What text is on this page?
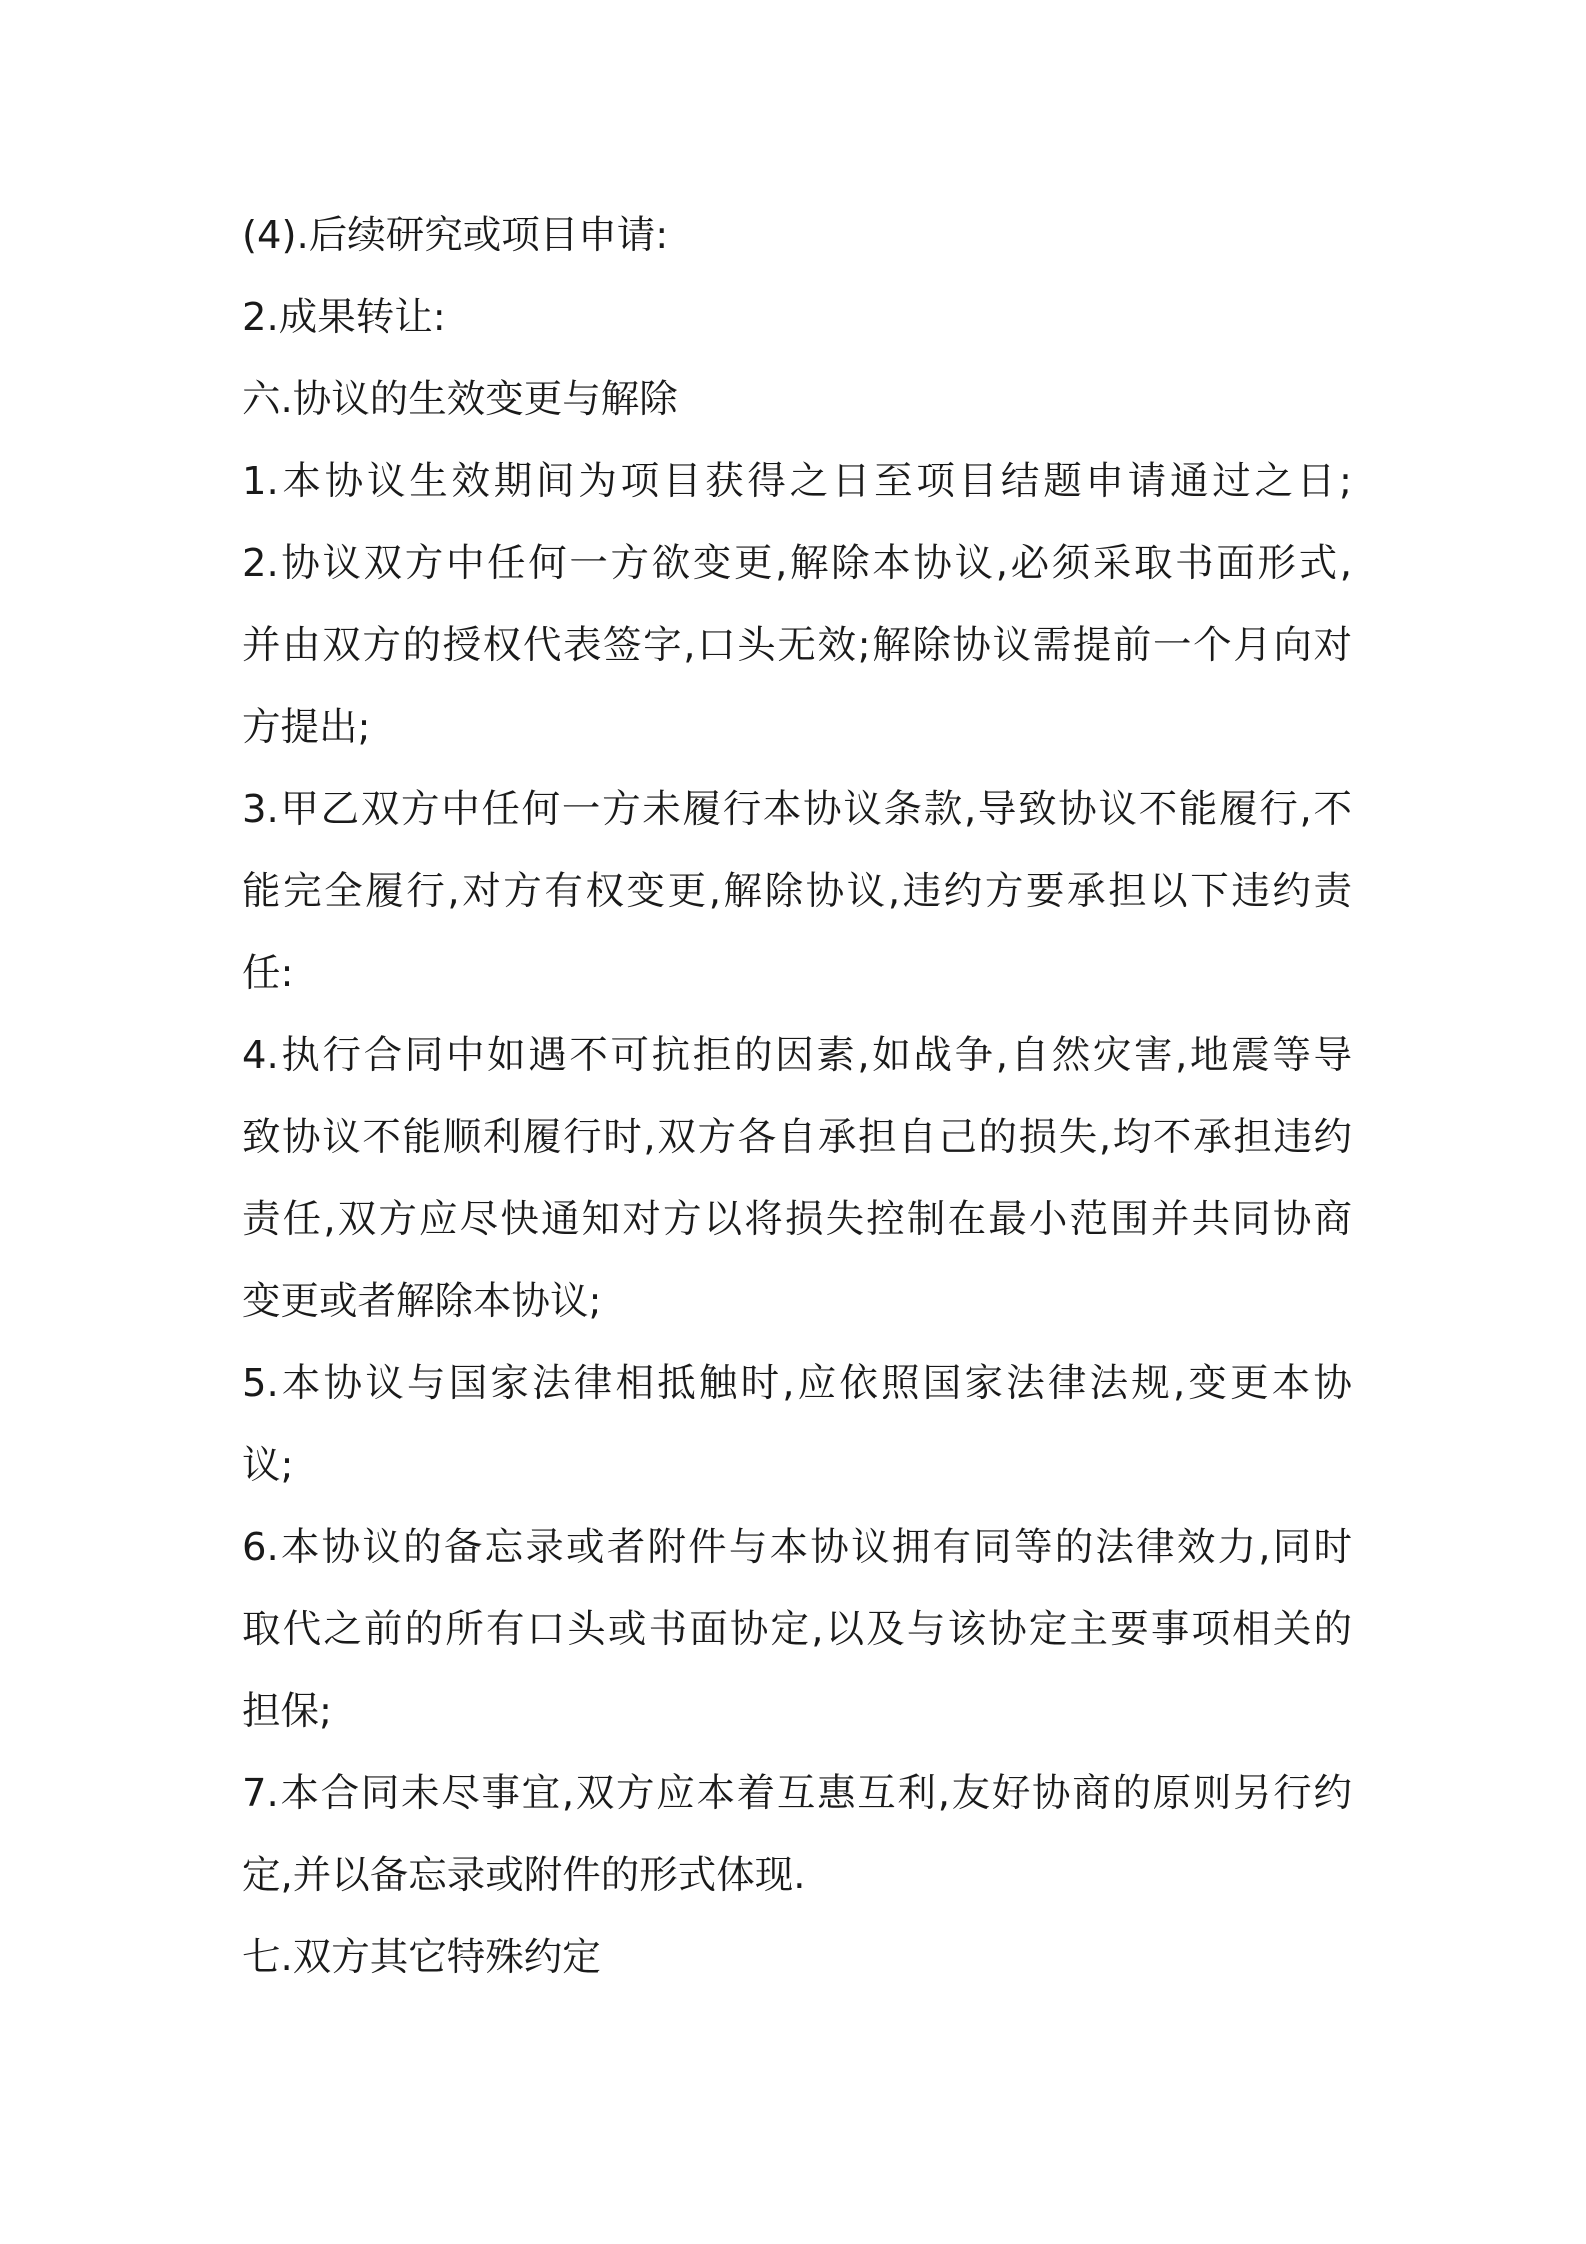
(4).后续研究或项目申请:
2.成果转让:
六.协议的生效变更与解除
1.本协议生效期间为项目获得之日至项目结题申请通过之日;
2.协议双方中任何一方欲变更,解除本协议,必须采取书面形式,
并由双方的授权代表签字,口头无效;解除协议需提前一个月向对
方提出;
3.甲乙双方中任何一方未履行本协议条款,导致协议不能履行,不
能完全履行,对方有权变更,解除协议,违约方要承担以下违约责
任:
4.执行合同中如遇不可抗拒的因素,如战争,自然灾害,地震等导
致协议不能顺利履行时,双方各自承担自己的损失,均不承担违约
责任,双方应尽快通知对方以将损失控制在最小范围并共同协商
变更或者解除本协议;
5.本协议与国家法律相抵触时,应依照国家法律法规,变更本协
议;
6.本协议的备忘录或者附件与本协议拥有同等的法律效力,同时
取代之前的所有口头或书面协定,以及与该协定主要事项相关的
担保;
7.本合同未尽事宜,双方应本着互惠互利,友好协商的原则另行约
定,并以备忘录或附件的形式体现.
七.双方其它特殊约定
